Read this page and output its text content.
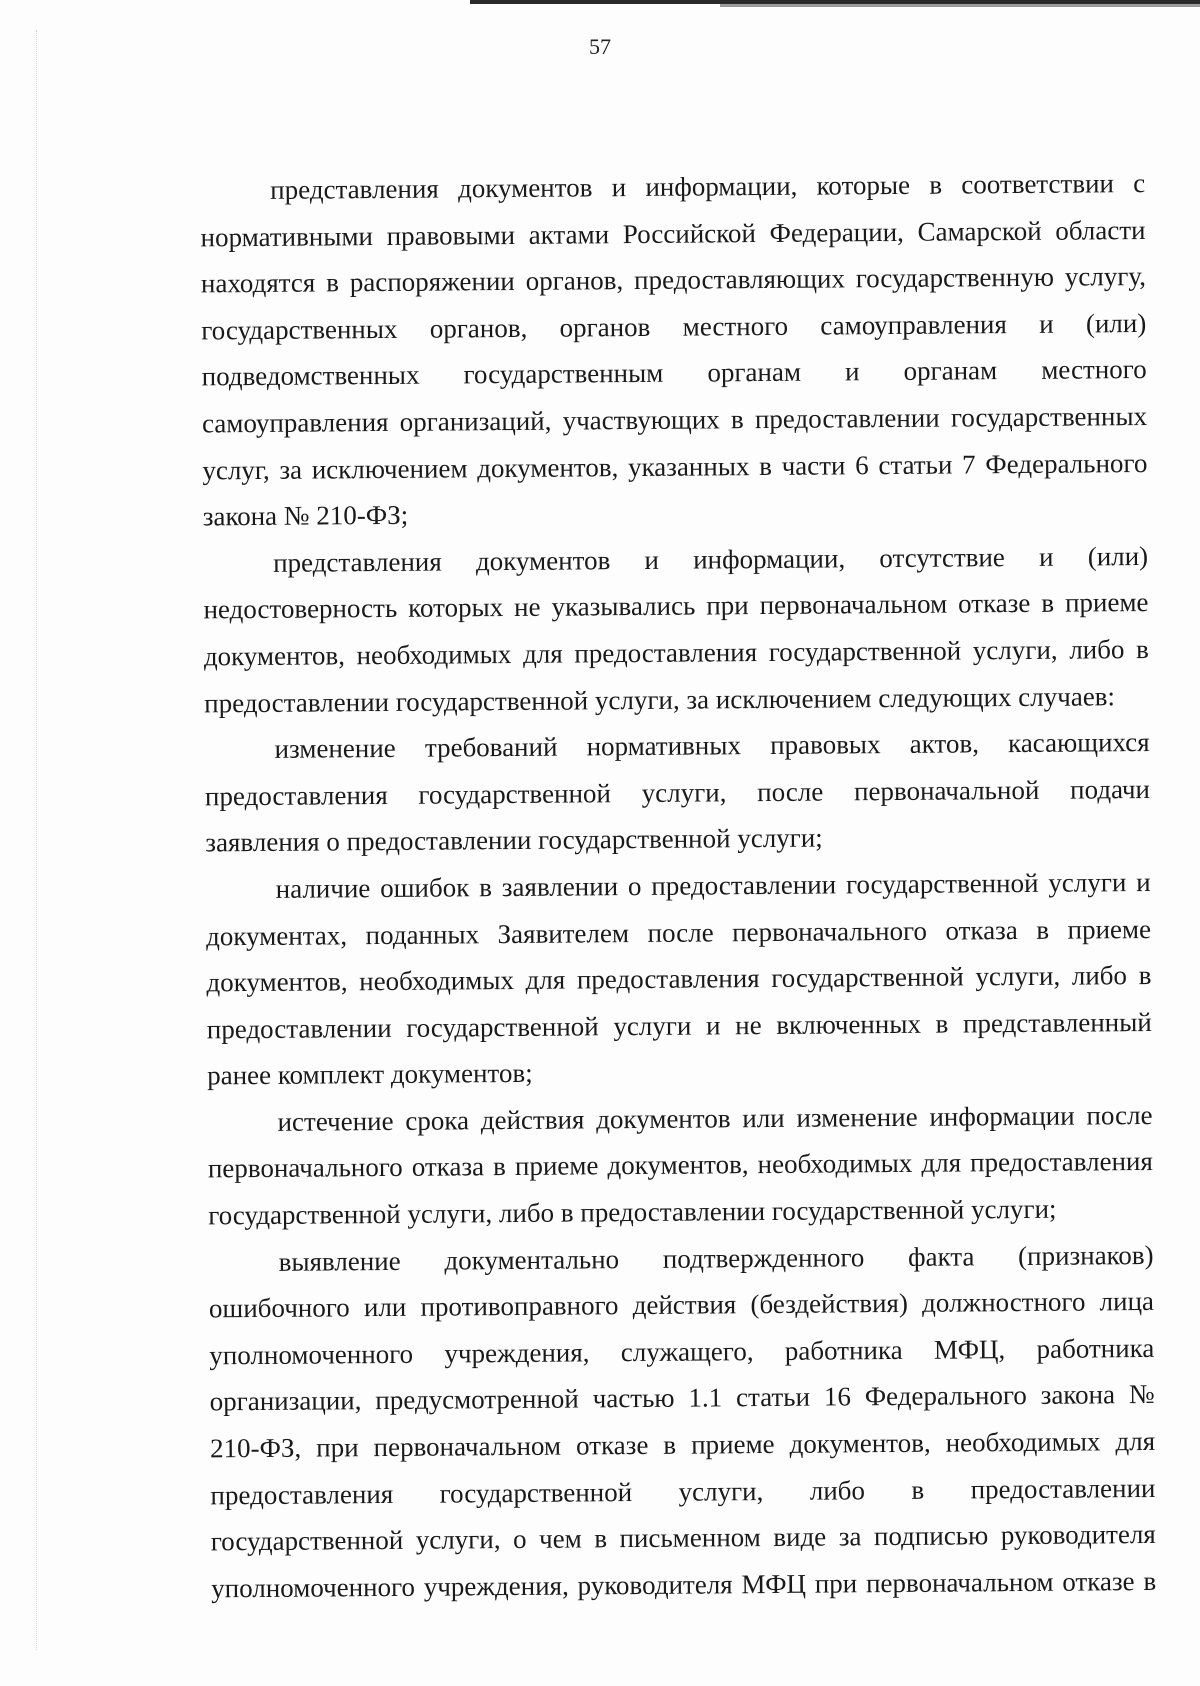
57
представления документов и информации, которые в соответствии с
нормативными правовыми актами Российской Федерации, Самарской области
находятся в распоряжении органов, предоставляющих государственную услугу,
государственных органов, органов местного самоуправления и (или)
подведомственных государственным органам и органам местного
самоуправления организаций, участвующих в предоставлении государственных
услуг, за исключением документов, указанных в части 6 статьи 7 Федерального
закона № 210-ФЗ;
представления документов и информации, отсутствие и (или)
недостоверность которых не указывались при первоначальном отказе в приеме
документов, необходимых для предоставления государственной услуги, либо в
предоставлении государственной услуги, за исключением следующих случаев:
изменение требований нормативных правовых актов, касающихся
предоставления государственной услуги, после первоначальной подачи
заявления о предоставлении государственной услуги;
наличие ошибок в заявлении о предоставлении государственной услуги и
документах, поданных Заявителем после первоначального отказа в приеме
документов, необходимых для предоставления государственной услуги, либо в
предоставлении государственной услуги и не включенных в представленный
ранее комплект документов;
истечение срока действия документов или изменение информации после
первоначального отказа в приеме документов, необходимых для предоставления
государственной услуги, либо в предоставлении государственной услуги;
выявление документально подтвержденного факта (признаков)
ошибочного или противоправного действия (бездействия) должностного лица
уполномоченного учреждения, служащего, работника МФЦ, работника
организации, предусмотренной частью 1.1 статьи 16 Федерального закона №
210-ФЗ, при первоначальном отказе в приеме документов, необходимых для
предоставления государственной услуги, либо в предоставлении
государственной услуги, о чем в письменном виде за подписью руководителя
уполномоченного учреждения, руководителя МФЦ при первоначальном отказе в
